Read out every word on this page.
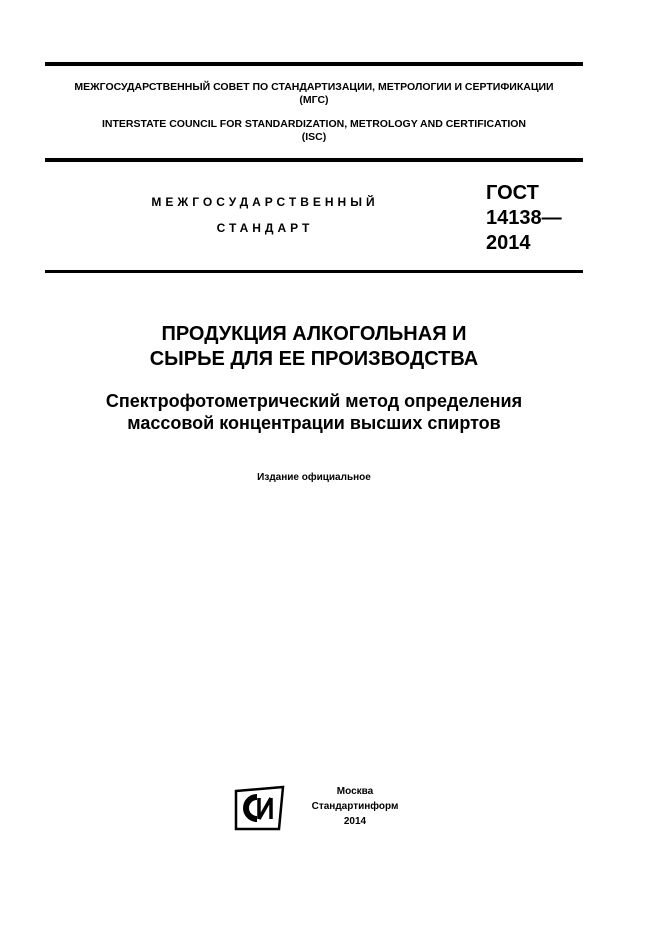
МЕЖГОСУДАРСТВЕННЫЙ СОВЕТ ПО СТАНДАРТИЗАЦИИ, МЕТРОЛОГИИ И СЕРТИФИКАЦИИ
(МГС)
INTERSTATE COUNCIL FOR STANDARDIZATION, METROLOGY AND CERTIFICATION
(ISC)
МЕЖГОСУДАРСТВЕННЫЙ
СТАНДАРТ
ГОСТ
14138—
2014
ПРОДУКЦИЯ АЛКОГОЛЬНАЯ И
СЫРЬЕ ДЛЯ ЕЕ ПРОИЗВОДСТВА
Спектрофотометрический метод определения
массовой концентрации высших спиртов
Издание официальное
Москва
Стандартинформ
2014
